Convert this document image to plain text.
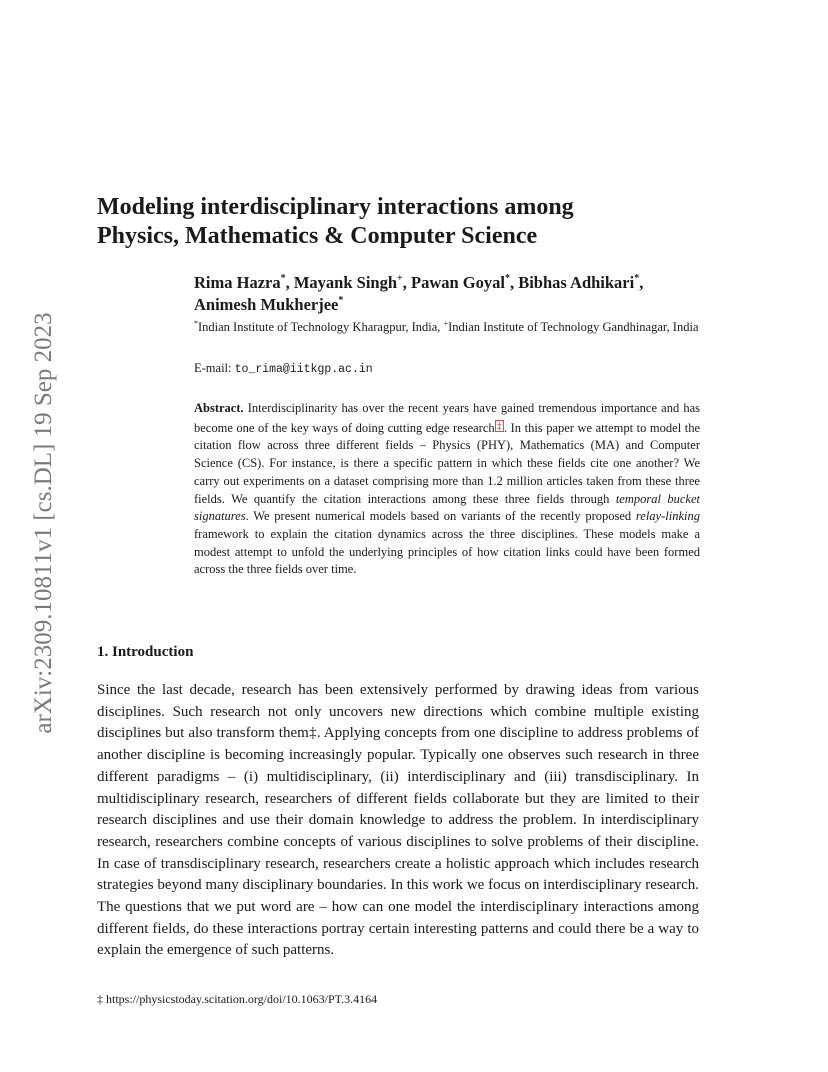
arXiv:2309.10811v1 [cs.DL] 19 Sep 2023
Modeling interdisciplinary interactions among
Physics, Mathematics & Computer Science
Rima Hazra*, Mayank Singh+, Pawan Goyal*, Bibhas Adhikari*, Animesh Mukherjee*
*Indian Institute of Technology Kharagpur, India, +Indian Institute of Technology Gandhinagar, India
E-mail: to_rima@iitkgp.ac.in

Abstract. Interdisciplinarity has over the recent years have gained tremendous importance and has become one of the key ways of doing cutting edge research ‡ . In this paper we attempt to model the citation flow across three different fields – Physics (PHY), Mathematics (MA) and Computer Science (CS). For instance, is there a specific pattern in which these fields cite one another? We carry out experiments on a dataset comprising more than 1.2 million articles taken from these three fields. We quantify the citation interactions among these three fields through temporal bucket signatures. We present numerical models based on variants of the recently proposed relay-linking framework to explain the citation dynamics across the three disciplines. These models make a modest attempt to unfold the underlying principles of how citation links could have been formed across the three fields over time.

1. Introduction

Since the last decade, research has been extensively performed by drawing ideas from various disciplines. Such research not only uncovers new directions which combine multiple existing disciplines but also transform them‡. Applying concepts from one discipline to address problems of another discipline is becoming increasingly popular. Typically one observes such research in three different paradigms – (i) multidisciplinary, (ii) interdisciplinary and (iii) transdisciplinary. In multidisciplinary research, researchers of different fields collaborate but they are limited to their research disciplines and use their domain knowledge to address the problem. In interdisciplinary research, researchers combine concepts of various disciplines to solve problems of their discipline. In case of transdisciplinary research, researchers create a holistic approach which includes research strategies beyond many disciplinary boundaries. In this work we focus on interdisciplinary research. The questions that we put word are – how can one model the interdisciplinary interactions among different fields, do these interactions portray certain interesting patterns and could there be a way to explain the emergence of such patterns.

‡ https://physicstoday.scitation.org/doi/10.1063/PT.3.4164
